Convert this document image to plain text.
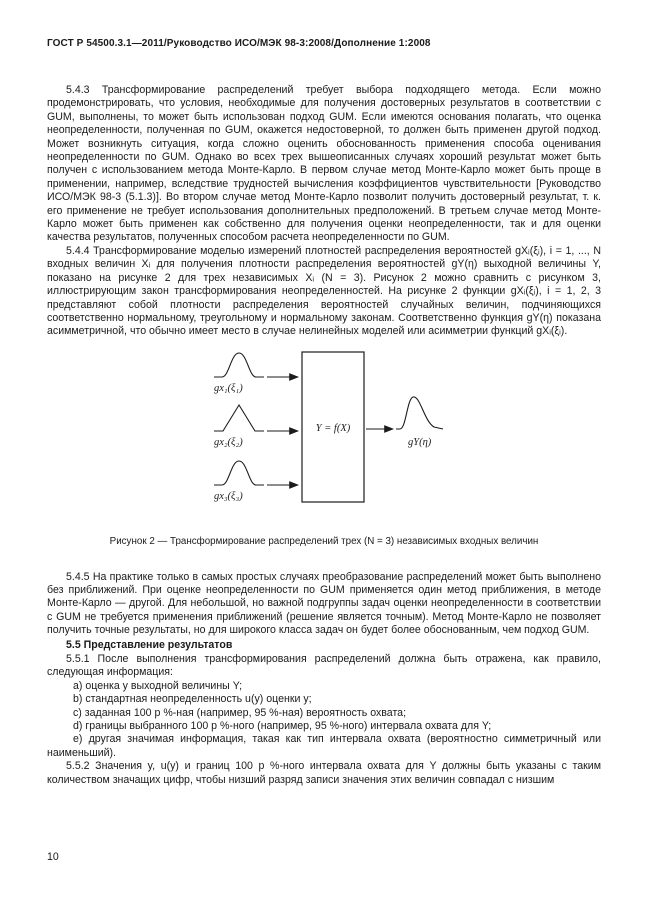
ГОСТ Р 54500.3.1—2011/Руководство ИСО/МЭК 98-3:2008/Дополнение 1:2008

5.4.3 Трансформирование распределений требует выбора подходящего метода. Если можно продемонстрировать, что условия, необходимые для получения достоверных результатов в соответствии с GUM, выполнены, то может быть использован подход GUM. Если имеются основания полагать, что оценка неопределенности, полученная по GUM, окажется недостоверной, то должен быть применен другой подход. Может возникнуть ситуация, когда сложно оценить обоснованность применения способа оценивания неопределенности по GUM. Однако во всех трех вышеописанных случаях хороший результат может быть получен с использованием метода Монте-Карло. В первом случае метод Монте-Карло может быть проще в применении, например, вследствие трудностей вычисления коэффициентов чувствительности [Руководство ИСО/МЭК 98-3 (5.1.3)]. Во втором случае метод Монте-Карло позволит получить достоверный результат, т. к. его применение не требует использования дополнительных предположений. В третьем случае метод Монте-Карло может быть применен как собственно для получения оценки неопределенности, так и для оценки качества результатов, полученных способом расчета неопределенности по GUM.

5.4.4 Трансформирование моделью измерений плотностей распределения вероятностей gXᵢ(ξᵢ), i = 1, ..., N входных величин Xᵢ для получения плотности распределения вероятностей gY(η) выходной величины Y, показано на рисунке 2 для трех независимых Xᵢ (N = 3). Рисунок 2 можно сравнить с рисунком 3, иллюстрирующим закон трансформирования неопределенностей. На рисунке 2 функции gXᵢ(ξᵢ), i = 1, 2, 3 представляют собой плотности распределения вероятностей случайных величин, подчиняющихся соответственно нормальному, треугольному и нормальному законам. Соответственно функция gY(η) показана асимметричной, что обычно имеет место в случае нелинейных моделей или асимметрии функций gXᵢ(ξᵢ).

gx₁(ξ₁)
gx₂(ξ₂)
gx₃(ξ₃)
Y = f(X)
gY(η)
Рисунок 2 — Трансформирование распределений трех (N = 3) независимых входных величин

5.4.5 На практике только в самых простых случаях преобразование распределений может быть выполнено без приближений. При оценке неопределенности по GUM применяется один метод приближения, в методе Монте-Карло — другой. Для небольшой, но важной подгруппы задач оценки неопределенности в соответствии с GUM не требуется применения приближений (решение является точным). Метод Монте-Карло не позволяет получить точные результаты, но для широкого класса задач он будет более обоснованным, чем подход GUM.

5.5 Представление результатов

5.5.1 После выполнения трансформирования распределений должна быть отражена, как правило, следующая информация:

a) оценка y выходной величины Y;

b) стандартная неопределенность u(y) оценки y;

c) заданная 100 p %-ная (например, 95 %-ная) вероятность охвата;

d) границы выбранного 100 p %-ного (например, 95 %-ного) интервала охвата для Y;

e) другая значимая информация, такая как тип интервала охвата (вероятностно симметричный или наименьший).

5.5.2 Значения y, u(y) и границ 100 p %-ного интервала охвата для Y должны быть указаны с таким количеством значащих цифр, чтобы низший разряд записи значения этих величин совпадал с низшим

10
